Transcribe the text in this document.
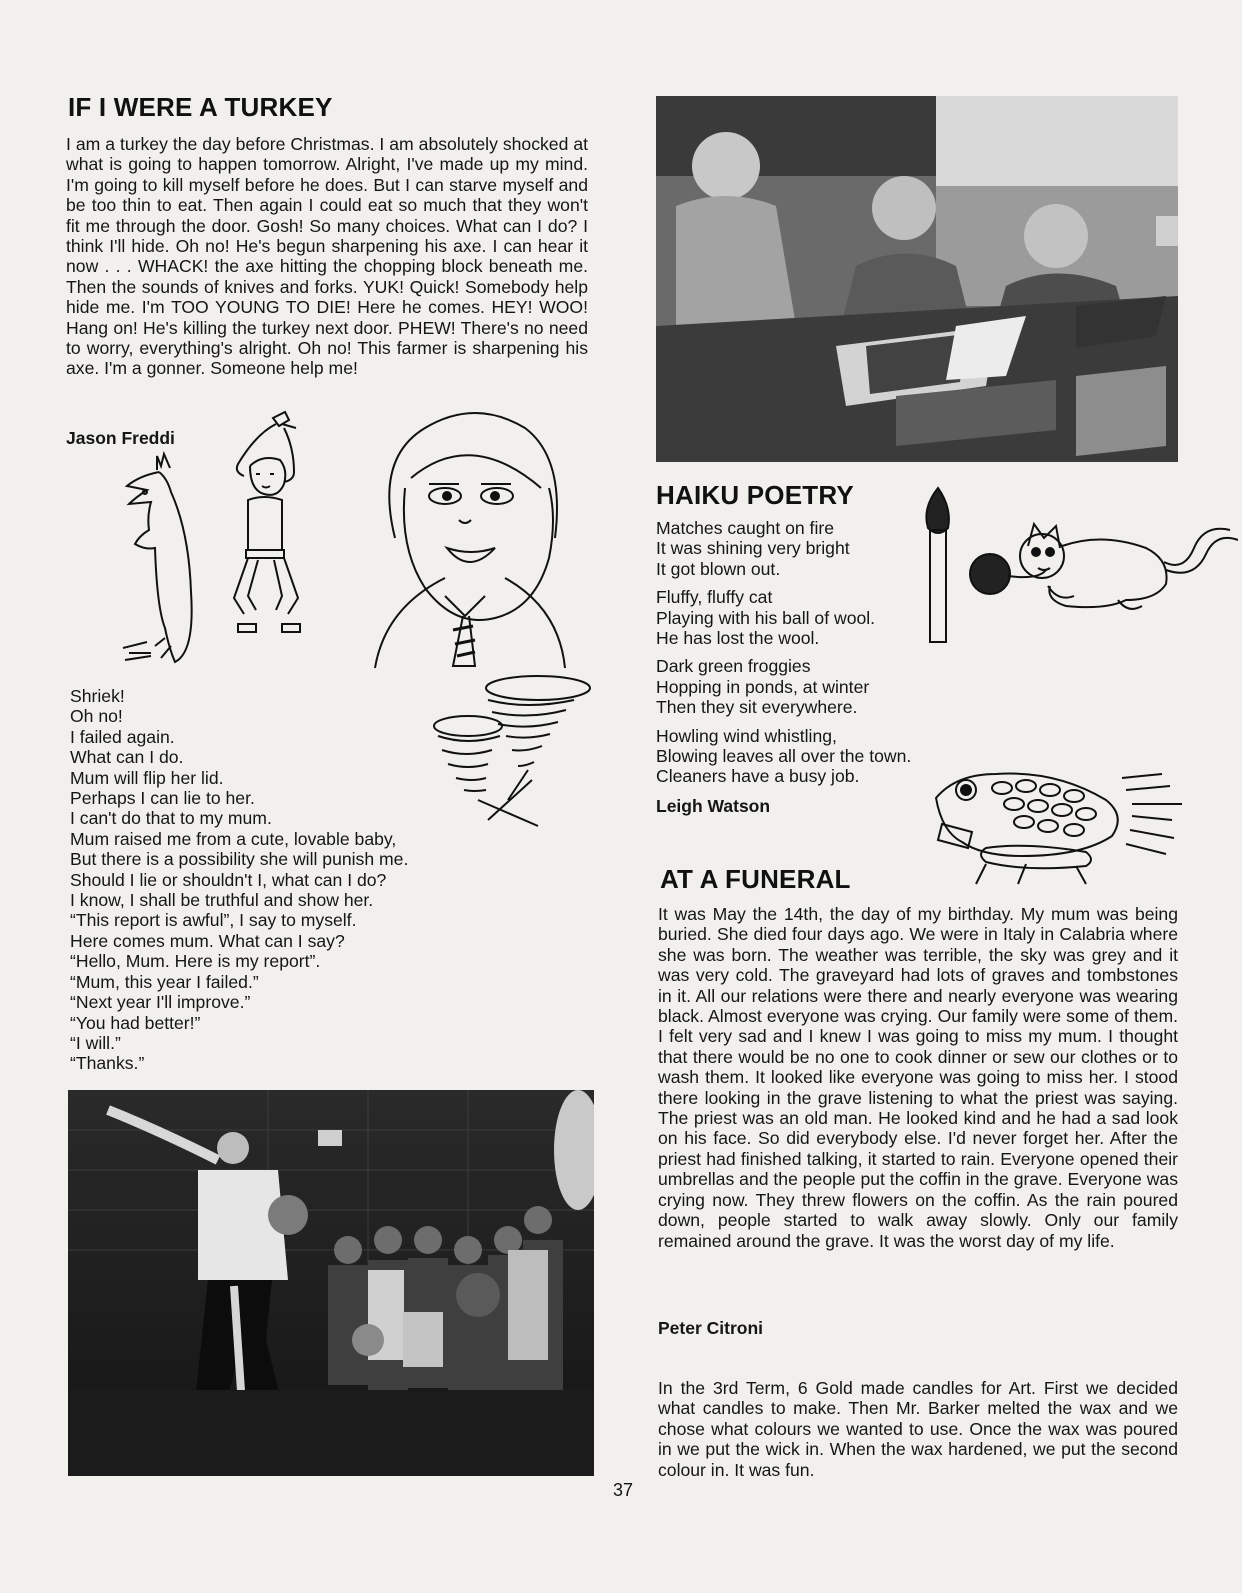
IF I WERE A TURKEY
I am a turkey the day before Christmas. I am absolutely shocked at what is going to happen tomorrow. Alright, I've made up my mind. I'm going to kill myself before he does. But I can starve myself and be too thin to eat. Then again I could eat so much that they won't fit me through the door. Gosh! So many choices. What can I do? I think I'll hide. Oh no! He's begun sharpening his axe. I can hear it now . . . WHACK! the axe hitting the chopping block beneath me. Then the sounds of knives and forks. YUK! Quick! Somebody help hide me. I'm TOO YOUNG TO DIE! Here he comes. HEY! WOO! Hang on! He's killing the turkey next door. PHEW! There's no need to worry, everything's alright. Oh no! This farmer is sharpening his axe. I'm a gonner. Someone help me!
Jason Freddi
Shriek!
Oh no!
I failed again.
What can I do.
Mum will flip her lid.
Perhaps I can lie to her.
I can't do that to my mum.
Mum raised me from a cute, lovable baby,
But there is a possibility she will punish me.
Should I lie or shouldn't I, what can I do?
I know, I shall be truthful and show her.
“This report is awful”, I say to myself.
Here comes mum. What can I say?
“Hello, Mum. Here is my report”.
“Mum, this year I failed.”
“Next year I'll improve.”
“You had better!”
“I will.”
“Thanks.”
HAIKU POETRY
Matches caught on fire
It was shining very bright
It got blown out.
Fluffy, fluffy cat
Playing with his ball of wool.
He has lost the wool.
Dark green froggies
Hopping in ponds, at winter
Then they sit everywhere.
Howling wind whistling,
Blowing leaves all over the town.
Cleaners have a busy job.
Leigh Watson
AT A FUNERAL
It was May the 14th, the day of my birthday. My mum was being buried. She died four days ago. We were in Italy in Calabria where she was born. The weather was terrible, the sky was grey and it was very cold. The graveyard had lots of graves and tombstones in it. All our relations were there and nearly everyone was wearing black. Almost everyone was crying. Our family were some of them. I felt very sad and I knew I was going to miss my mum. I thought that there would be no one to cook dinner or sew our clothes or to wash them. It looked like everyone was going to miss her. I stood there looking in the grave listening to what the priest was saying. The priest was an old man. He looked kind and he had a sad look on his face. So did everybody else. I'd never forget her. After the priest had finished talking, it started to rain. Everyone opened their umbrellas and the people put the coffin in the grave. Everyone was crying now. They threw flowers on the coffin. As the rain poured down, people started to walk away slowly. Only our family remained around the grave. It was the worst day of my life.
Peter Citroni
In the 3rd Term, 6 Gold made candles for Art. First we decided what candles to make. Then Mr. Barker melted the wax and we chose what colours we wanted to use. Once the wax was poured in we put the wick in. When the wax hardened, we put the second colour in. It was fun.
37
